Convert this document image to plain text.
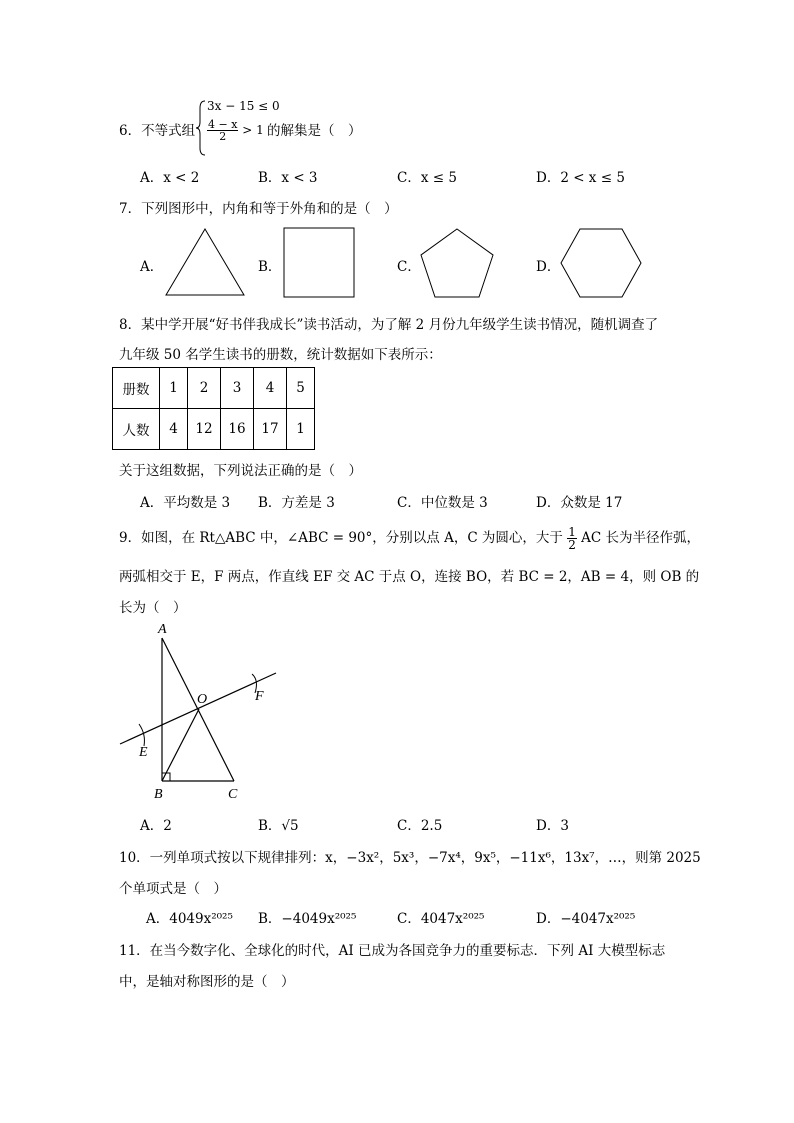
6．不等式组
3x − 15 ≤ 0
$\frac{4 - x}{2} > 1$ 的解集是（　）
A．x < 2	B．x < 3	C．x ≤ 5	D．2 < x ≤ 5
7．下列图形中，内角和等于外角和的是（　）
A．	B．	C．	D．
8．某中学开展“好书伴我成长”读书活动，为了解 2 月份九年级学生读书情况，随机调查了
九年级 50 名学生读书的册数，统计数据如下表所示：
册数	1	2	3	4	5
人数	4	12	16	17	1
关于这组数据，下列说法正确的是（　）
A．平均数是 3 B．方差是 3	C．中位数是 3	D．众数是 17
9．如图，在 Rt△ABC 中，∠ABC = 90°，分别以点 A，C 为圆心，大于 $\frac{1}{2}$ AC 长为半径作弧，
两弧相交于 E，F 两点，作直线 EF 交 AC 于点 O，连接 BO，若 BC = 2，AB = 4，则 OB 的
长为（　）
A
B	C
O
E
F
A．2	B．√5	C．2.5	D．3
10．一列单项式按以下规律排列：x，−3x²，5x³，−7x⁴，9x⁵，−11x⁶，13x⁷，…，则第 2025
个单项式是（　）
A．4049x²⁰²⁵ B．−4049x²⁰²⁵	C．4047x²⁰²⁵	D．−4047x²⁰²⁵
11．在当今数字化、全球化的时代，AI 已成为各国竞争力的重要标志．下列 AI 大模型标志
中，是轴对称图形的是（　）
